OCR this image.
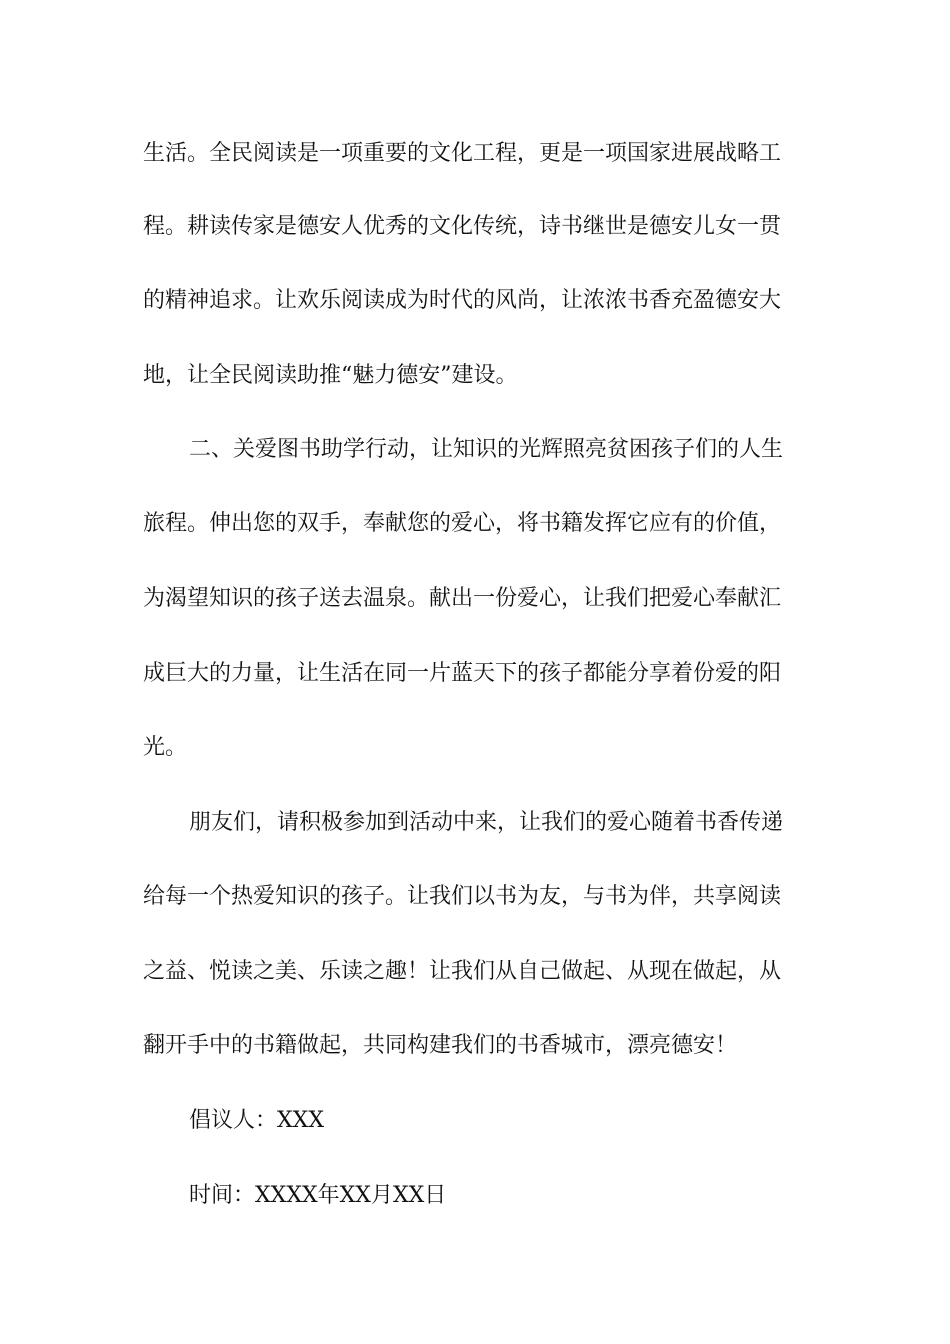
生活。全民阅读是一项重要的文化工程，更是一项国家进展战略工
程。耕读传家是德安人优秀的文化传统，诗书继世是德安儿女一贯
的精神追求。让欢乐阅读成为时代的风尚，让浓浓书香充盈德安大
地，让全民阅读助推“魅力德安”建设。
二、关爱图书助学行动，让知识的光辉照亮贫困孩子们的人生
旅程。伸出您的双手，奉献您的爱心，将书籍发挥它应有的价值，
为渴望知识的孩子送去温泉。献出一份爱心，让我们把爱心奉献汇
成巨大的力量，让生活在同一片蓝天下的孩子都能分享着份爱的阳
光。
朋友们，请积极参加到活动中来，让我们的爱心随着书香传递
给每一个热爱知识的孩子。让我们以书为友，与书为伴，共享阅读
之益、悦读之美、乐读之趣！让我们从自己做起、从现在做起，从
翻开手中的书籍做起，共同构建我们的书香城市，漂亮德安！
倡议人：XXX
时间：XXXX年XX月XX日
